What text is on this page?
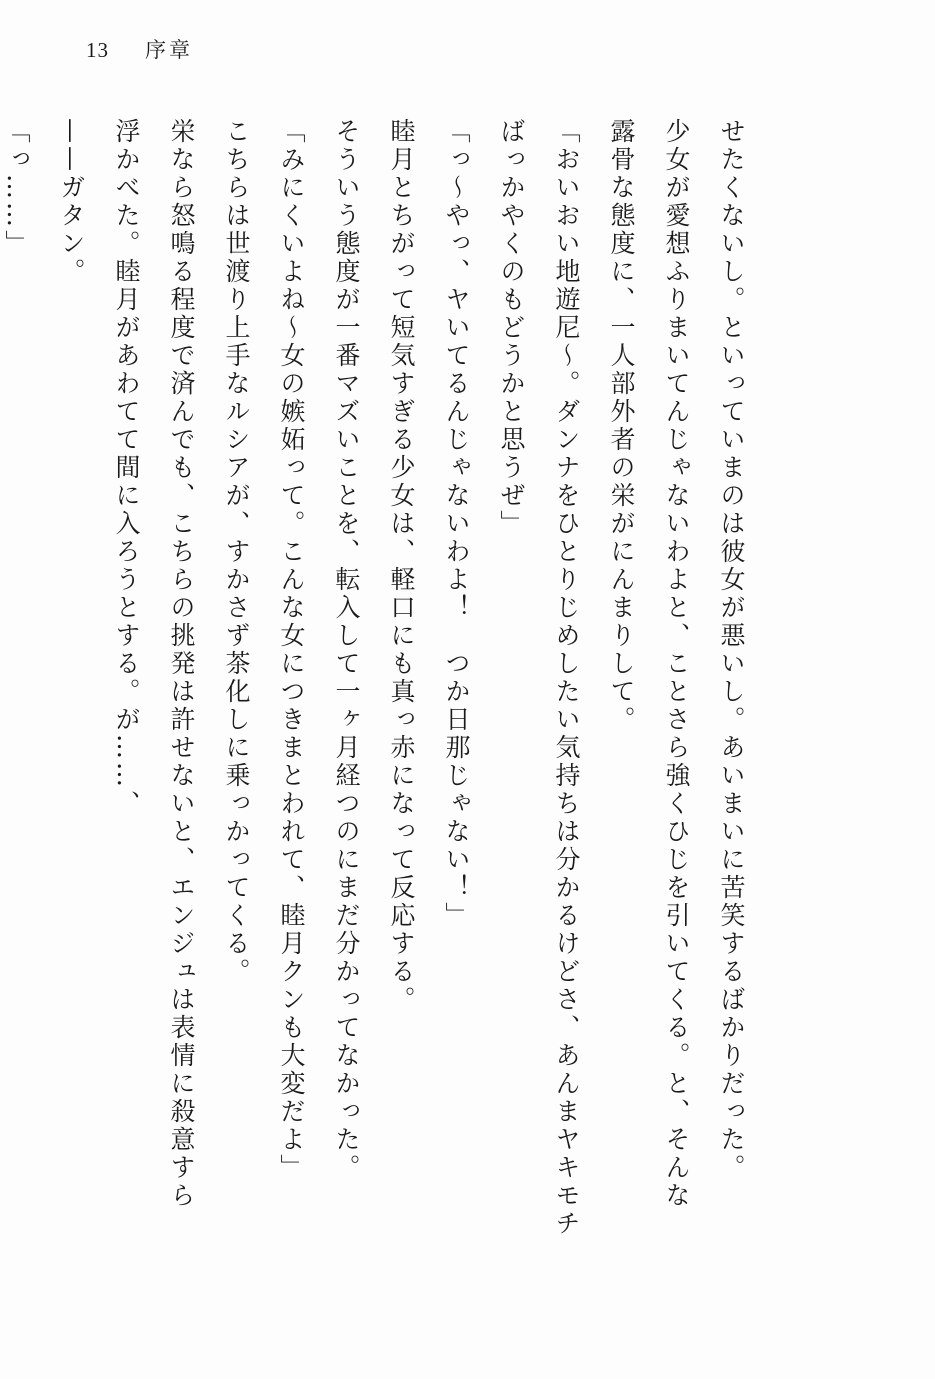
13 序章

せたくないし。といっていまのは彼女が悪いし。あいまいに苦笑するばかりだった。

少女が愛想ふりまいてんじゃないわよと、ことさら強くひじを引いてくる。と、そんな

露骨な態度に、一人部外者の栄がにんまりして。

「おいおい地遊尼〜。ダンナをひとりじめしたい気持ちは分かるけどさ、あんまヤキモチ

ばっかやくのもどうかと思うぜ」

「っ〜やっ、ヤいてるんじゃないわよ！　つか日那じゃない！」

睦月とちがって短気すぎる少女は、軽口にも真っ赤になって反応する。

そういう態度が一番マズいことを、転入して一ヶ月経つのにまだ分かってなかった。

「みにくいよね〜女の嫉妬って。こんな女につきまとわれて、睦月クンも大変だよ」

こちらは世渡り上手なルシアが、すかさず茶化しに乗っかってくる。

栄なら怒鳴る程度で済んでも、こちらの挑発は許せないと、エンジュは表情に殺意すら

浮かべた。睦月があわてて間に入ろうとする。が……、

——ガタン。

「っ……」
